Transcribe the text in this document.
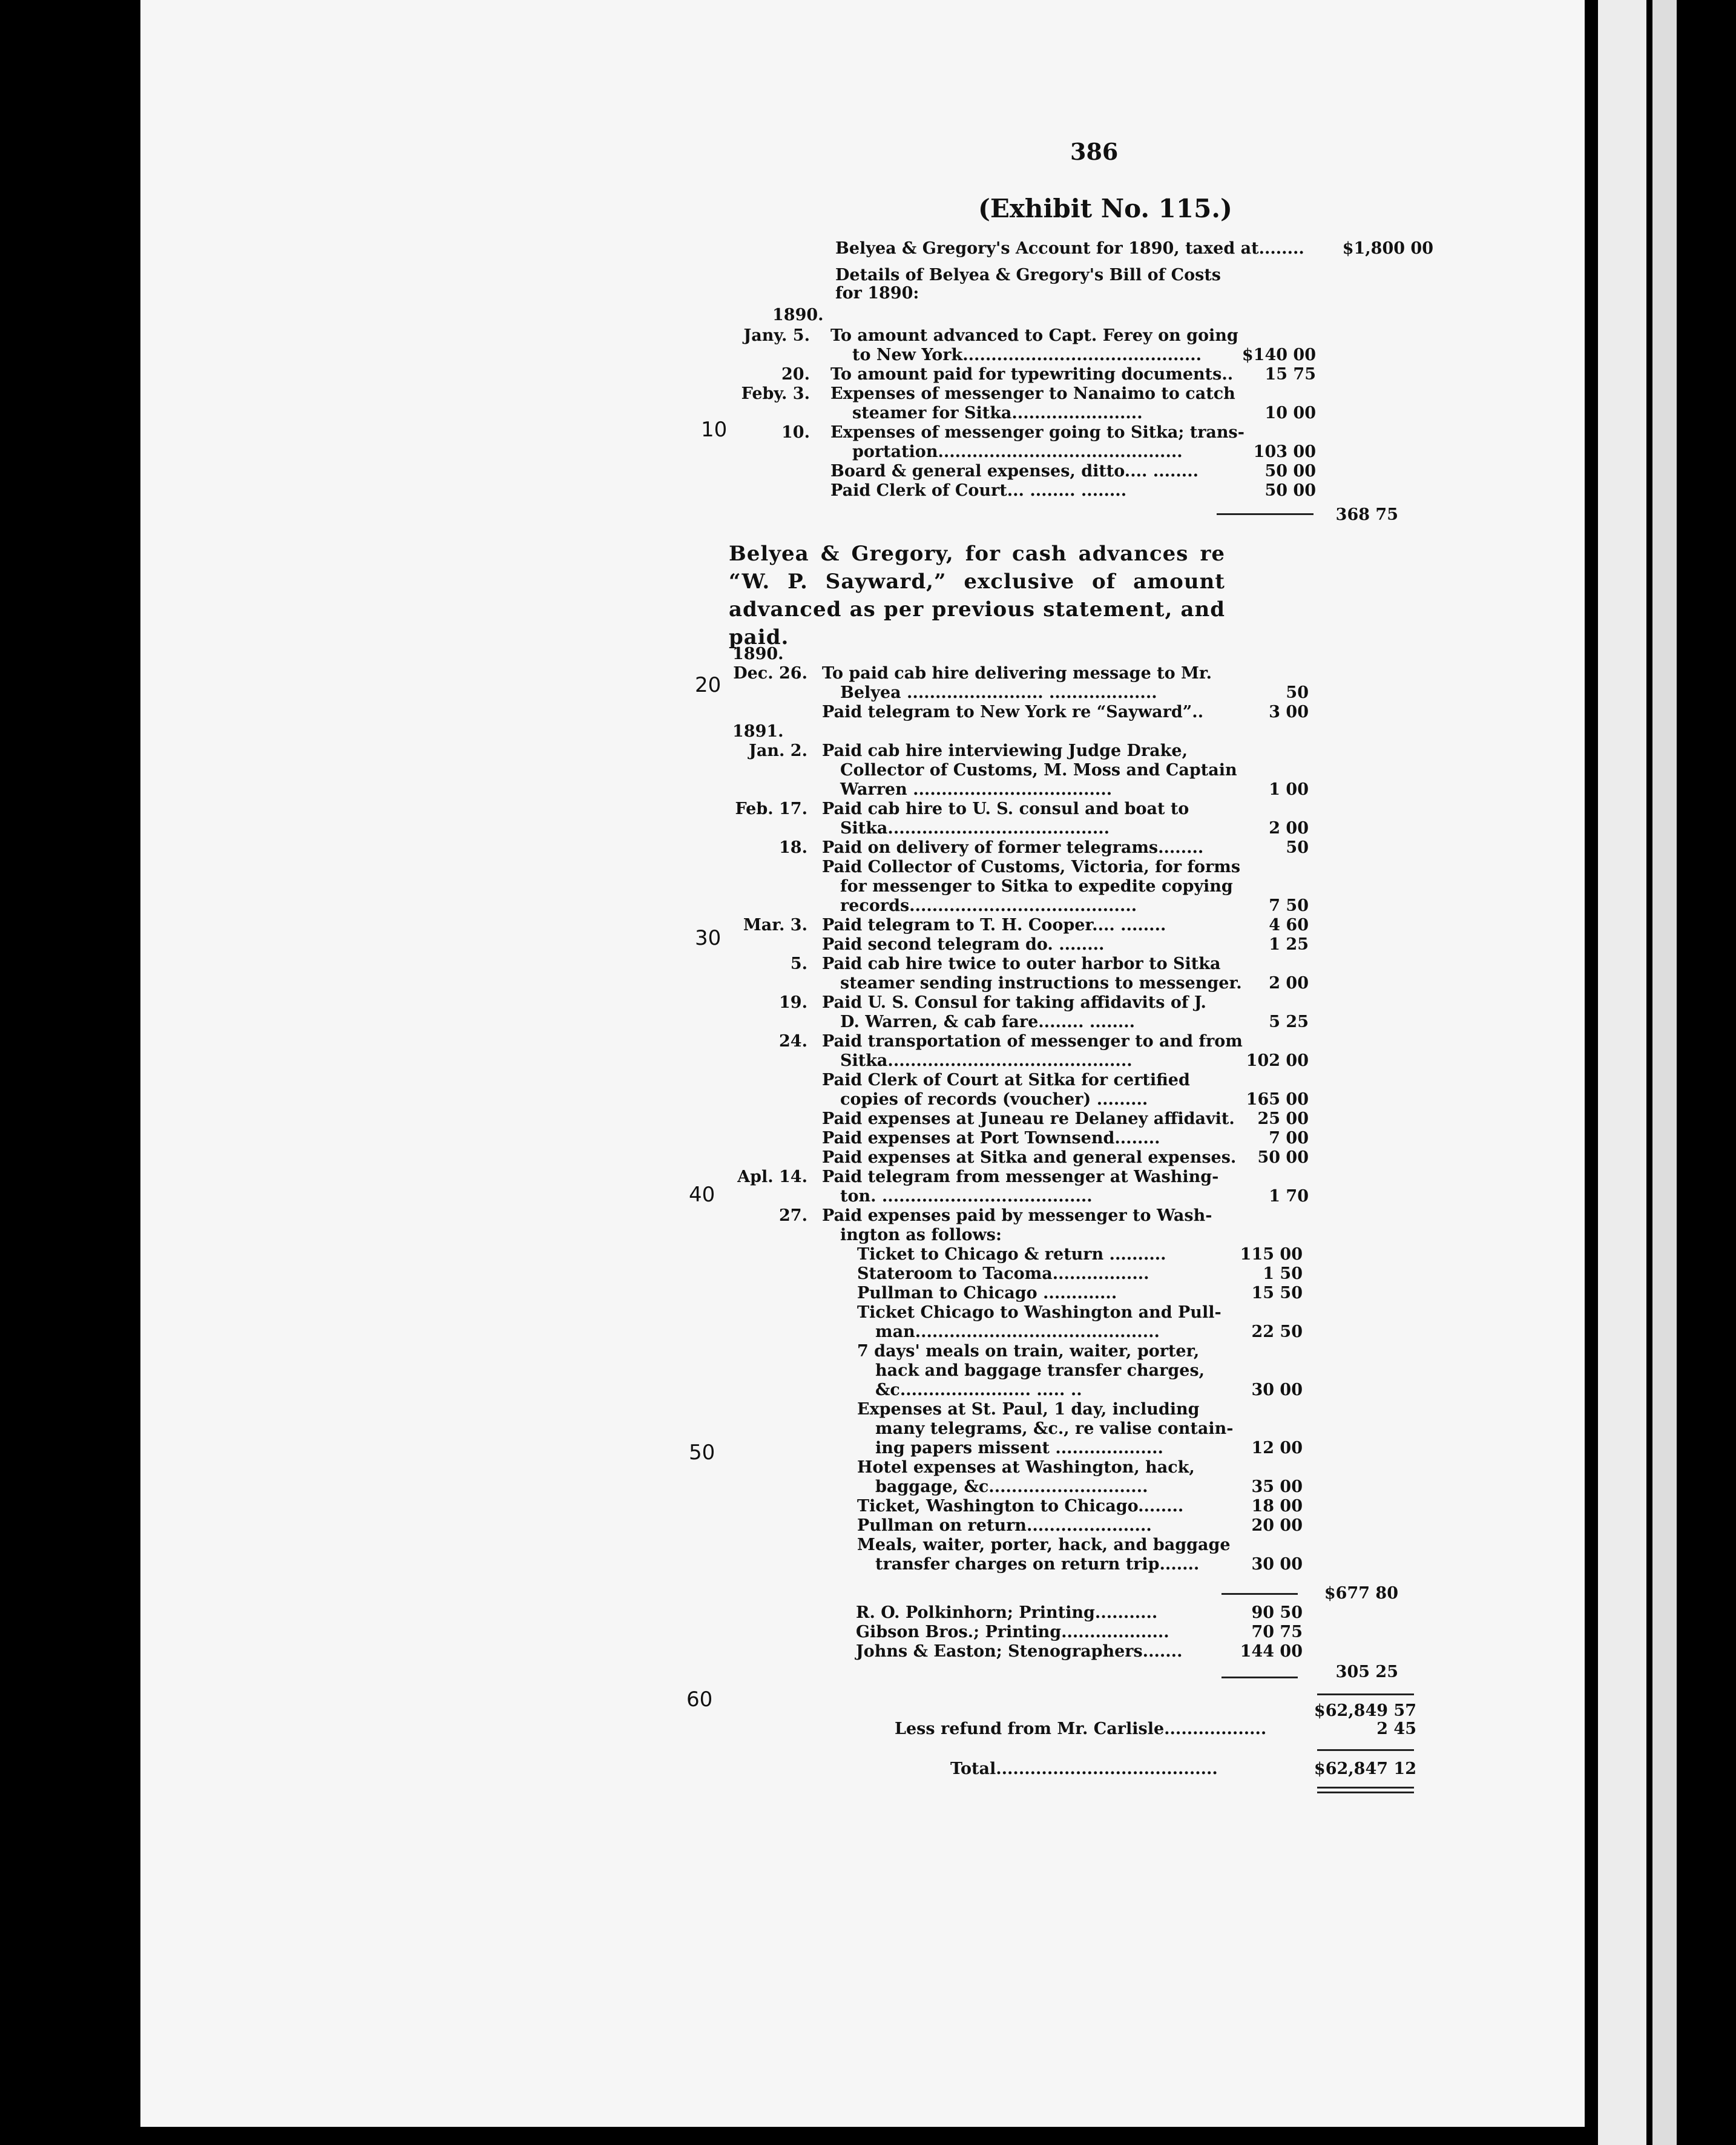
386
(Exhibit No. 115.)
Belyea & Gregory's Account for 1890, taxed at........	$1,800 00
Details of Belyea & Gregory's Bill of Costs for 1890:
1890.
Jany. 5. To amount advanced to Capt. Ferey on going
to New York..........................................	$140 00
20. To amount paid for typewriting documents..	15 75
Feby. 3. Expenses of messenger to Nanaimo to catch
steamer for Sitka.......................	10 00
10. Expenses of messenger going to Sitka; trans-
portation...........................................	103 00
Board & general expenses, ditto.... ........	50 00
Paid Clerk of Court... ........ ........	50 00
368 75
Belyea & Gregory, for cash advances re “W. P. Sayward,” exclusive of amount advanced as per previous statement, and paid.
10
20
30
40
50
60
1890.
Dec. 26. To paid cab hire delivering message to Mr.
Belyea ........................ ...................	50
Paid telegram to New York re “Sayward”..	3 00
1891.
Jan. 2. Paid cab hire interviewing Judge Drake,
Collector of Customs, M. Moss and Captain
Warren ...................................	1 00
Feb. 17. Paid cab hire to U. S. consul and boat to
Sitka.......................................	2 00
18. Paid on delivery of former telegrams........	50
Paid Collector of Customs, Victoria, for forms
for messenger to Sitka to expedite copying
records........................................	7 50
Mar. 3. Paid telegram to T. H. Cooper.... ........	4 60
Paid second telegram do. ........	1 25
5. Paid cab hire twice to outer harbor to Sitka
steamer sending instructions to messenger.	2 00
19. Paid U. S. Consul for taking affidavits of J.
D. Warren, & cab fare........ ........	5 25
24. Paid transportation of messenger to and from
Sitka...........................................	102 00
Paid Clerk of Court at Sitka for certified
copies of records (voucher) .........	165 00
Paid expenses at Juneau re Delaney affidavit.	25 00
Paid expenses at Port Townsend........	7 00
Paid expenses at Sitka and general expenses.	50 00
Apl. 14. Paid telegram from messenger at Washing-
ton. .....................................	1 70
27. Paid expenses paid by messenger to Wash-
ington as follows:
Ticket to Chicago & return ..........	115 00
Stateroom to Tacoma.................	1 50
Pullman to Chicago .............	15 50
Ticket Chicago to Washington and Pull-
man...........................................	22 50
7 days' meals on train, waiter, porter,
hack and baggage transfer charges,
&c....................... ..... ..	30 00
Expenses at St. Paul, 1 day, including
many telegrams, &c., re valise contain-
ing papers missent ...................	12 00
Hotel expenses at Washington, hack,
baggage, &c............................	35 00
Ticket, Washington to Chicago........	18 00
Pullman on return......................	20 00
Meals, waiter, porter, hack, and baggage
transfer charges on return trip.......	30 00
$677 80
R. O. Polkinhorn; Printing...........	90 50
Gibson Bros.; Printing...................	70 75
Johns & Easton; Stenographers.......	144 00
305 25
$62,849 57
Less refund from Mr. Carlisle..................	2 45
Total.......................................	$62,847 12
